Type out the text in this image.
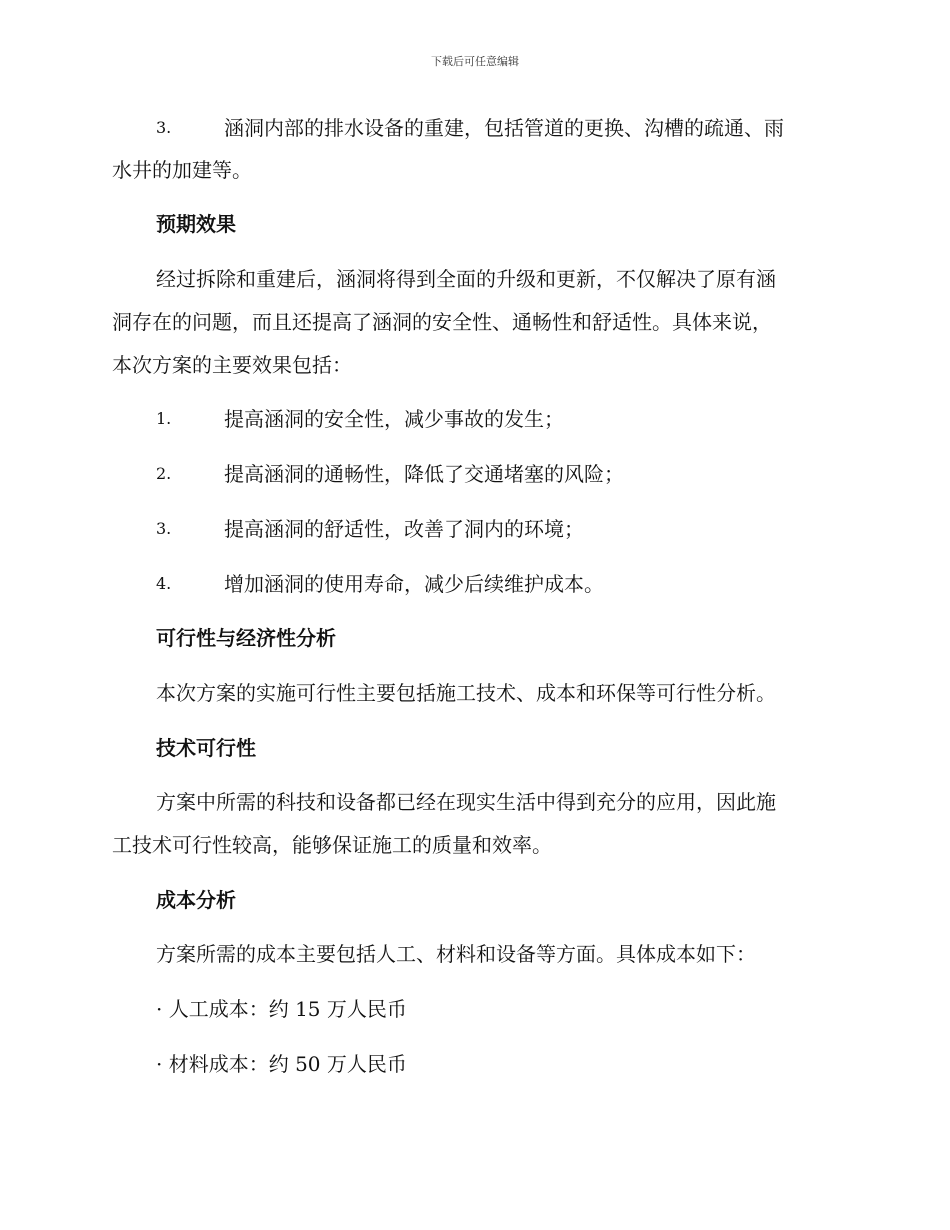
下载后可任意编辑
3.	涵洞内部的排水设备的重建，包括管道的更换、沟槽的疏通、雨
水井的加建等。
预期效果
经过拆除和重建后，涵洞将得到全面的升级和更新，不仅解决了原有涵
洞存在的问题，而且还提高了涵洞的安全性、通畅性和舒适性。具体来说，
本次方案的主要效果包括：
1.	提高涵洞的安全性，减少事故的发生；
2.	提高涵洞的通畅性，降低了交通堵塞的风险；
3.	提高涵洞的舒适性，改善了洞内的环境；
4.	增加涵洞的使用寿命，减少后续维护成本。
可行性与经济性分析
本次方案的实施可行性主要包括施工技术、成本和环保等可行性分析。
技术可行性
方案中所需的科技和设备都已经在现实生活中得到充分的应用，因此施
工技术可行性较高，能够保证施工的质量和效率。
成本分析
方案所需的成本主要包括人工、材料和设备等方面。具体成本如下：
· 人工成本：约 15 万人民币
· 材料成本：约 50 万人民币
